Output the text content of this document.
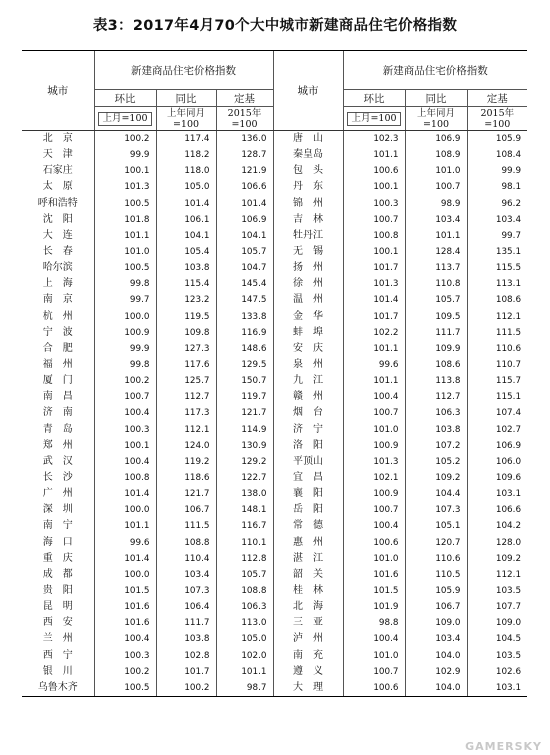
表3：2017年4月70个大中城市新建商品住宅价格指数
城市	新建商品住宅价格指数			城市	新建商品住宅价格指数		
	环比	同比	定基		环比	同比	定基
	上月=100	上年同月=100	2015年=100		上月=100	上年同月=100	2015年=100
北　京	100.2	117.4	136.0	唐　山	102.3	106.9	105.9
天　津	99.9	118.2	128.7	秦皇岛	101.1	108.9	108.4
石家庄	100.1	118.0	121.9	包　头	100.6	101.0	99.9
太　原	101.3	105.0	106.6	丹　东	100.1	100.7	98.1
呼和浩特	100.5	101.4	101.4	锦　州	100.3	98.9	96.2
沈　阳	101.8	106.1	106.9	吉　林	100.7	103.4	103.4
大　连	101.1	104.1	104.1	牡丹江	100.8	101.1	99.7
长　春	101.0	105.4	105.7	无　锡	100.1	128.4	135.1
哈尔滨	100.5	103.8	104.7	扬　州	101.7	113.7	115.5
上　海	99.8	115.4	145.4	徐　州	101.3	110.8	113.1
南　京	99.7	123.2	147.5	温　州	101.4	105.7	108.6
杭　州	100.0	119.5	133.8	金　华	101.7	109.5	112.1
宁　波	100.9	109.8	116.9	蚌　埠	102.2	111.7	111.5
合　肥	99.9	127.3	148.6	安　庆	101.1	109.9	110.6
福　州	99.8	117.6	129.5	泉　州	99.6	108.6	110.7
厦　门	100.2	125.7	150.7	九　江	101.1	113.8	115.7
南　昌	100.7	112.7	119.7	赣　州	100.4	112.7	115.1
济　南	100.4	117.3	121.7	烟　台	100.7	106.3	107.4
青　岛	100.3	112.1	114.9	济　宁	101.0	103.8	102.7
郑　州	100.1	124.0	130.9	洛　阳	100.9	107.2	106.9
武　汉	100.4	119.2	129.2	平顶山	101.3	105.2	106.0
长　沙	100.8	118.6	122.7	宜　昌	102.1	109.2	109.6
广　州	101.4	121.7	138.0	襄　阳	100.9	104.4	103.1
深　圳	100.0	106.7	148.1	岳　阳	100.7	107.3	106.6
南　宁	101.1	111.5	116.7	常　德	100.4	105.1	104.2
海　口	99.6	108.8	110.1	惠　州	100.6	120.7	128.0
重　庆	101.4	110.4	112.8	湛　江	101.0	110.6	109.2
成　都	100.0	103.4	105.7	韶　关	101.6	110.5	112.1
贵　阳	101.5	107.3	108.8	桂　林	101.5	105.9	103.5
昆　明	101.6	106.4	106.3	北　海	101.9	106.7	107.7
西　安	101.6	111.7	113.0	三　亚	98.8	109.0	109.0
兰　州	100.4	103.8	105.0	泸　州	100.4	103.4	104.5
西　宁	100.3	102.8	102.0	南　充	101.0	104.0	103.5
银　川	100.2	101.7	101.1	遵　义	100.7	102.9	102.6
乌鲁木齐	100.5	100.2	98.7	大　理	100.6	104.0	103.1
GAMERSKY
